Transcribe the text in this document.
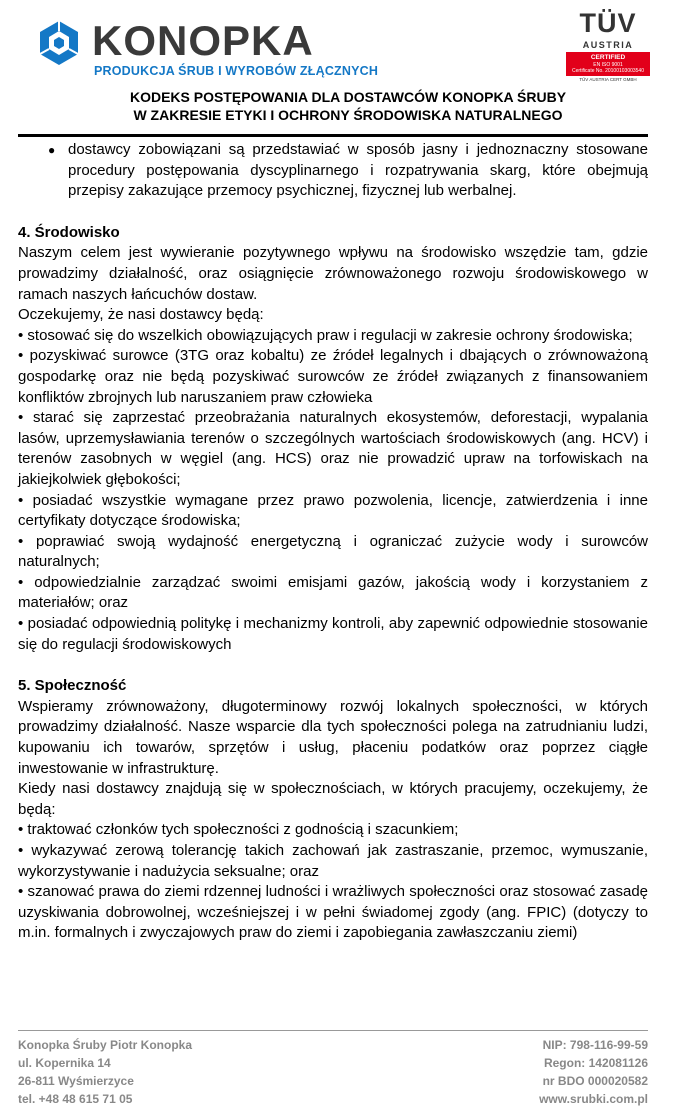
KONOPKA
PRODUKCJA ŚRUB I WYROBÓW ZŁĄCZNYCH
TÜV
AUSTRIA
CERTIFIED
EN ISO 9001
Certificate No. 20100103003540
TÜV AUSTRIA CERT GMBH
KODEKS POSTĘPOWANIA DLA DOSTAWCÓW KONOPKA ŚRUBY
W ZAKRESIE ETYKI I OCHRONY ŚRODOWISKA NATURALNEGO
● dostawcy zobowiązani są przedstawiać w sposób jasny i jednoznaczny stosowane procedury postępowania dyscyplinarnego i rozpatrywania skarg, które obejmują przepisy zakazujące przemocy psychicznej, fizycznej lub werbalnej.

4. Środowisko

Naszym celem jest wywieranie pozytywnego wpływu na środowisko wszędzie tam, gdzie prowadzimy działalność, oraz osiągnięcie zrównoważonego rozwoju środowiskowego w ramach naszych łańcuchów dostaw.

Oczekujemy, że nasi dostawcy będą:

• stosować się do wszelkich obowiązujących praw i regulacji w zakresie ochrony środowiska;

• pozyskiwać surowce (3TG oraz kobaltu) ze źródeł legalnych i dbających o zrównoważoną gospodarkę oraz nie będą pozyskiwać surowców ze źródeł związanych z finansowaniem konfliktów zbrojnych lub naruszaniem praw człowieka

• starać się zaprzestać przeobrażania naturalnych ekosystemów, deforestacji, wypalania lasów, uprzemysławiania terenów o szczególnych wartościach środowiskowych (ang. HCV) i terenów zasobnych w węgiel (ang. HCS) oraz nie prowadzić upraw na torfowiskach na jakiejkolwiek głębokości;

• posiadać wszystkie wymagane przez prawo pozwolenia, licencje, zatwierdzenia i inne certyfikaty dotyczące środowiska;

• poprawiać swoją wydajność energetyczną i ograniczać zużycie wody i surowców naturalnych;

• odpowiedzialnie zarządzać swoimi emisjami gazów, jakością wody i korzystaniem z materiałów; oraz

• posiadać odpowiednią politykę i mechanizmy kontroli, aby zapewnić odpowiednie stosowanie się do regulacji środowiskowych

5. Społeczność

Wspieramy zrównoważony, długoterminowy rozwój lokalnych społeczności, w których prowadzimy działalność. Nasze wsparcie dla tych społeczności polega na zatrudnianiu ludzi, kupowaniu ich towarów, sprzętów i usług, płaceniu podatków oraz poprzez ciągłe inwestowanie w infrastrukturę.

Kiedy nasi dostawcy znajdują się w społecznościach, w których pracujemy, oczekujemy, że będą:

• traktować członków tych społeczności z godnością i szacunkiem;

• wykazywać zerową tolerancję takich zachowań jak zastraszanie, przemoc, wymuszanie, wykorzystywanie i nadużycia seksualne; oraz

• szanować prawa do ziemi rdzennej ludności i wrażliwych społeczności oraz stosować zasadę uzyskiwania dobrowolnej, wcześniejszej i w pełni świadomej zgody (ang. FPIC) (dotyczy to m.in. formalnych i zwyczajowych praw do ziemi i zapobiegania zawłaszczaniu ziemi)

Konopka Śruby Piotr Konopka
ul. Kopernika 14
26-811 Wyśmierzyce
tel. +48 48 615 71 05
NIP: 798-116-99-59
Regon: 142081126
nr BDO 000020582
www.srubki.com.pl
